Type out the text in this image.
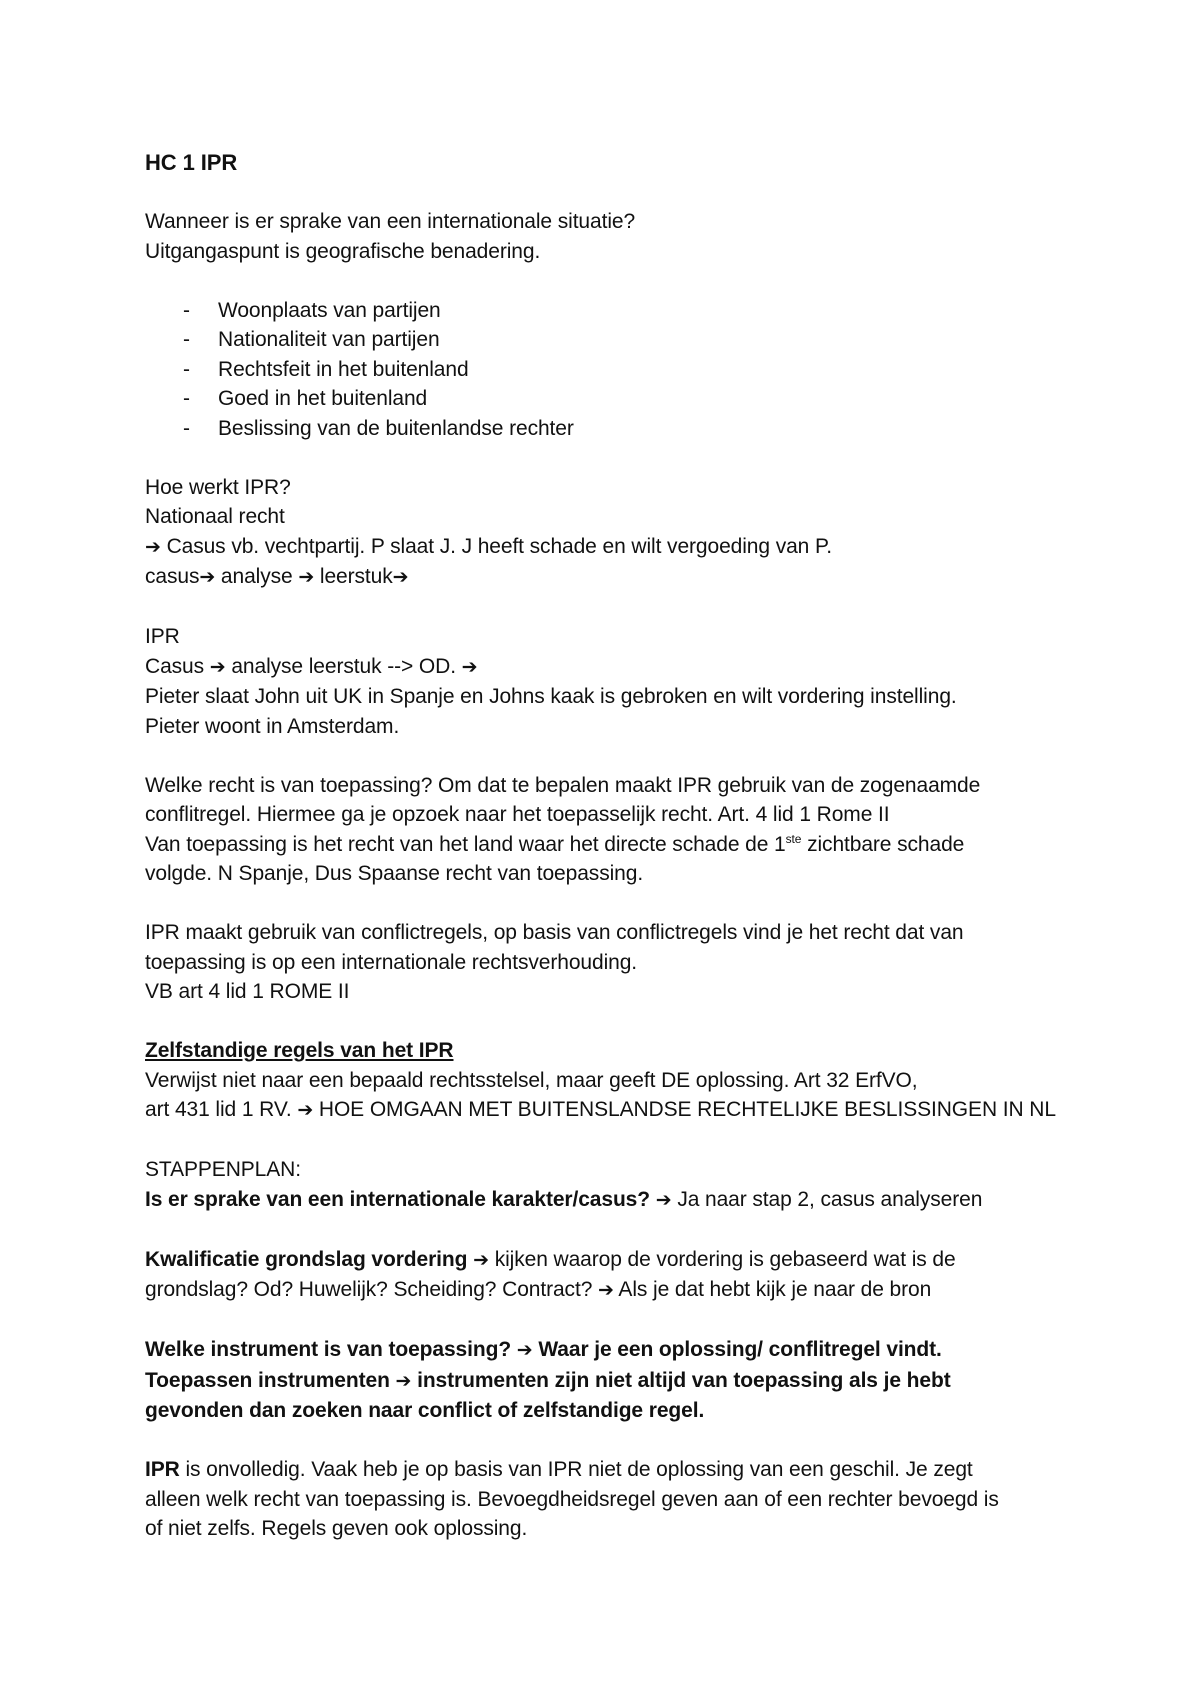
HC 1 IPR
Wanneer is er sprake van een internationale situatie?
Uitgangaspunt is geografische benadering.
- Woonplaats van partijen
- Nationaliteit van partijen
- Rechtsfeit in het buitenland
- Goed in het buitenland
- Beslissing van de buitenlandse rechter
Hoe werkt IPR?
Nationaal recht
➔ Casus vb. vechtpartij. P slaat J. J heeft schade en wilt vergoeding van P.
casus➔ analyse ➔ leerstuk➔
IPR
Casus ➔ analyse leerstuk --> OD. ➔
Pieter slaat John uit UK in Spanje en Johns kaak is gebroken en wilt vordering instelling.
Pieter woont in Amsterdam.
Welke recht is van toepassing? Om dat te bepalen maakt IPR gebruik van de zogenaamde
conflitregel. Hiermee ga je opzoek naar het toepasselijk recht. Art. 4 lid 1 Rome II
Van toepassing is het recht van het land waar het directe schade de 1ste zichtbare schade
volgde. N Spanje, Dus Spaanse recht van toepassing.
IPR maakt gebruik van conflictregels, op basis van conflictregels vind je het recht dat van
toepassing is op een internationale rechtsverhouding.
VB art 4 lid 1 ROME II
Zelfstandige regels van het IPR
Verwijst niet naar een bepaald rechtsstelsel, maar geeft DE oplossing. Art 32 ErfVO,
art 431 lid 1 RV. ➔ HOE OMGAAN MET BUITENSLANDSE RECHTELIJKE BESLISSINGEN IN NL
STAPPENPLAN:
Is er sprake van een internationale karakter/casus? ➔ Ja naar stap 2, casus analyseren
Kwalificatie grondslag vordering ➔ kijken waarop de vordering is gebaseerd wat is de
grondslag? Od? Huwelijk? Scheiding? Contract? ➔ Als je dat hebt kijk je naar de bron
Welke instrument is van toepassing? ➔ Waar je een oplossing/ conflitregel vindt.
Toepassen instrumenten ➔ instrumenten zijn niet altijd van toepassing als je hebt
gevonden dan zoeken naar conflict of zelfstandige regel.
IPR is onvolledig. Vaak heb je op basis van IPR niet de oplossing van een geschil. Je zegt
alleen welk recht van toepassing is. Bevoegdheidsregel geven aan of een rechter bevoegd is
of niet zelfs. Regels geven ook oplossing.
